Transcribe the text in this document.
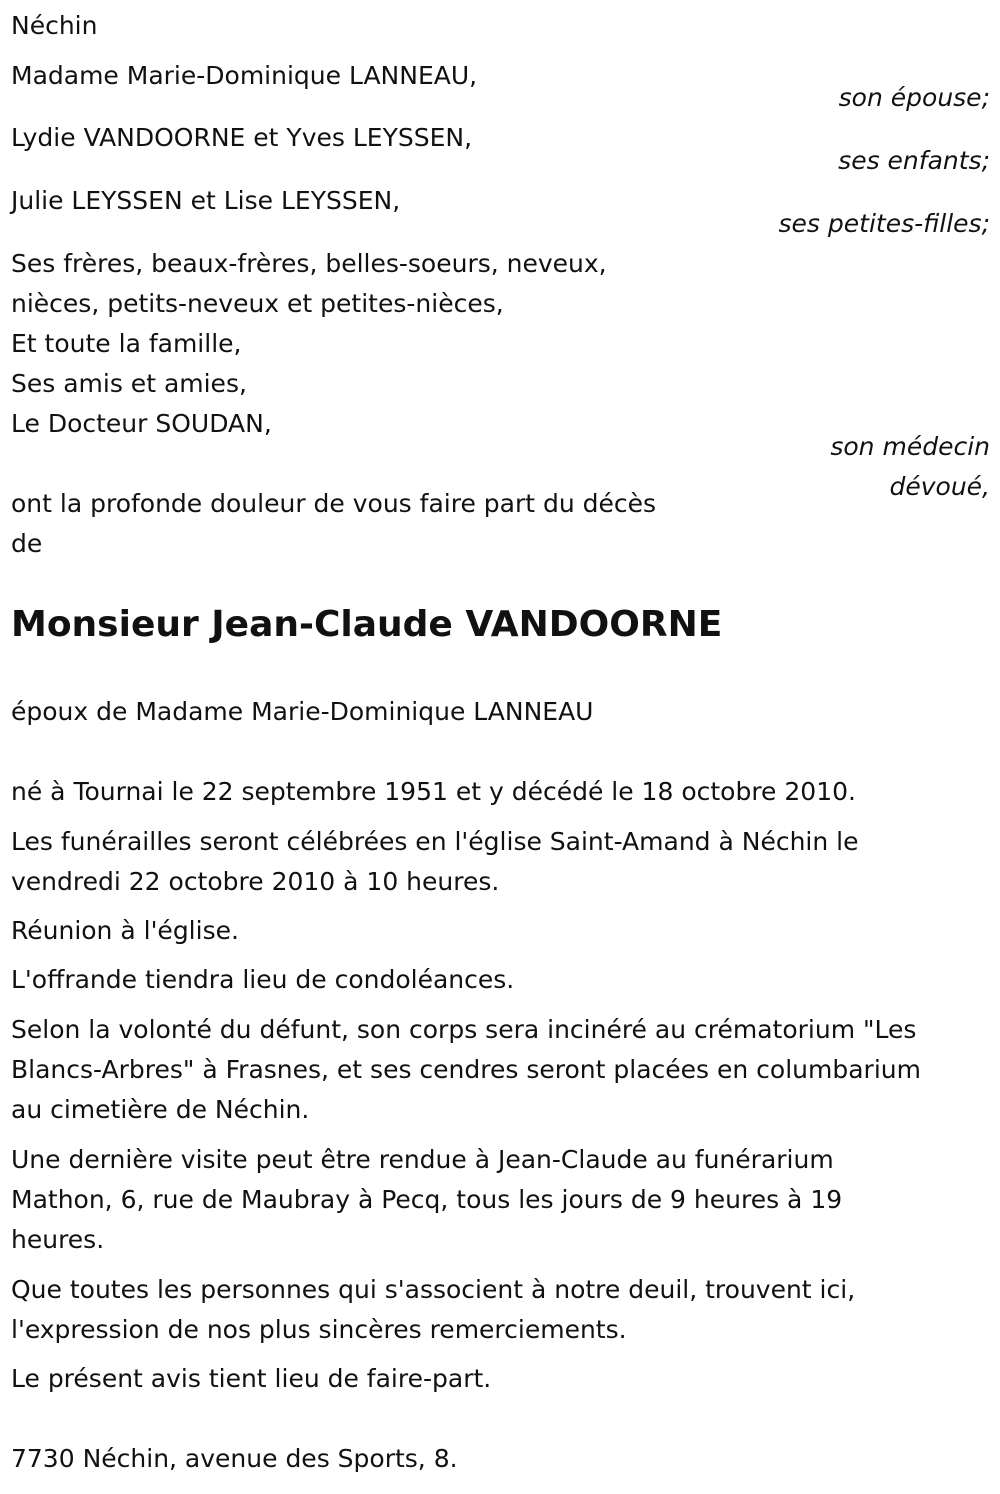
Néchin

Madame Marie-Dominique LANNEAU,

son épouse;

Lydie VANDOORNE et Yves LEYSSEN,

ses enfants;

Julie LEYSSEN et Lise LEYSSEN,

ses petites-filles;

Ses frères, beaux-frères, belles-soeurs, neveux,

nièces, petits-neveux et petites-nièces,

Et toute la famille,

Ses amis et amies,

Le Docteur SOUDAN,

son médecin

dévoué,

ont la profonde douleur de vous faire part du décès

de

Monsieur Jean-Claude VANDOORNE

époux de Madame Marie-Dominique LANNEAU

né à Tournai le 22 septembre 1951 et y décédé le 18 octobre 2010.

Les funérailles seront célébrées en l'église Saint-Amand à Néchin le

vendredi 22 octobre 2010 à 10 heures.

Réunion à l'église.

L'offrande tiendra lieu de condoléances.

Selon la volonté du défunt, son corps sera incinéré au crématorium "Les

Blancs-Arbres" à Frasnes, et ses cendres seront placées en columbarium

au cimetière de Néchin.

Une dernière visite peut être rendue à Jean-Claude au funérarium

Mathon, 6, rue de Maubray à Pecq, tous les jours de 9 heures à 19

heures.

Que toutes les personnes qui s'associent à notre deuil, trouvent ici,

l'expression de nos plus sincères remerciements.

Le présent avis tient lieu de faire-part.

7730 Néchin, avenue des Sports, 8.
